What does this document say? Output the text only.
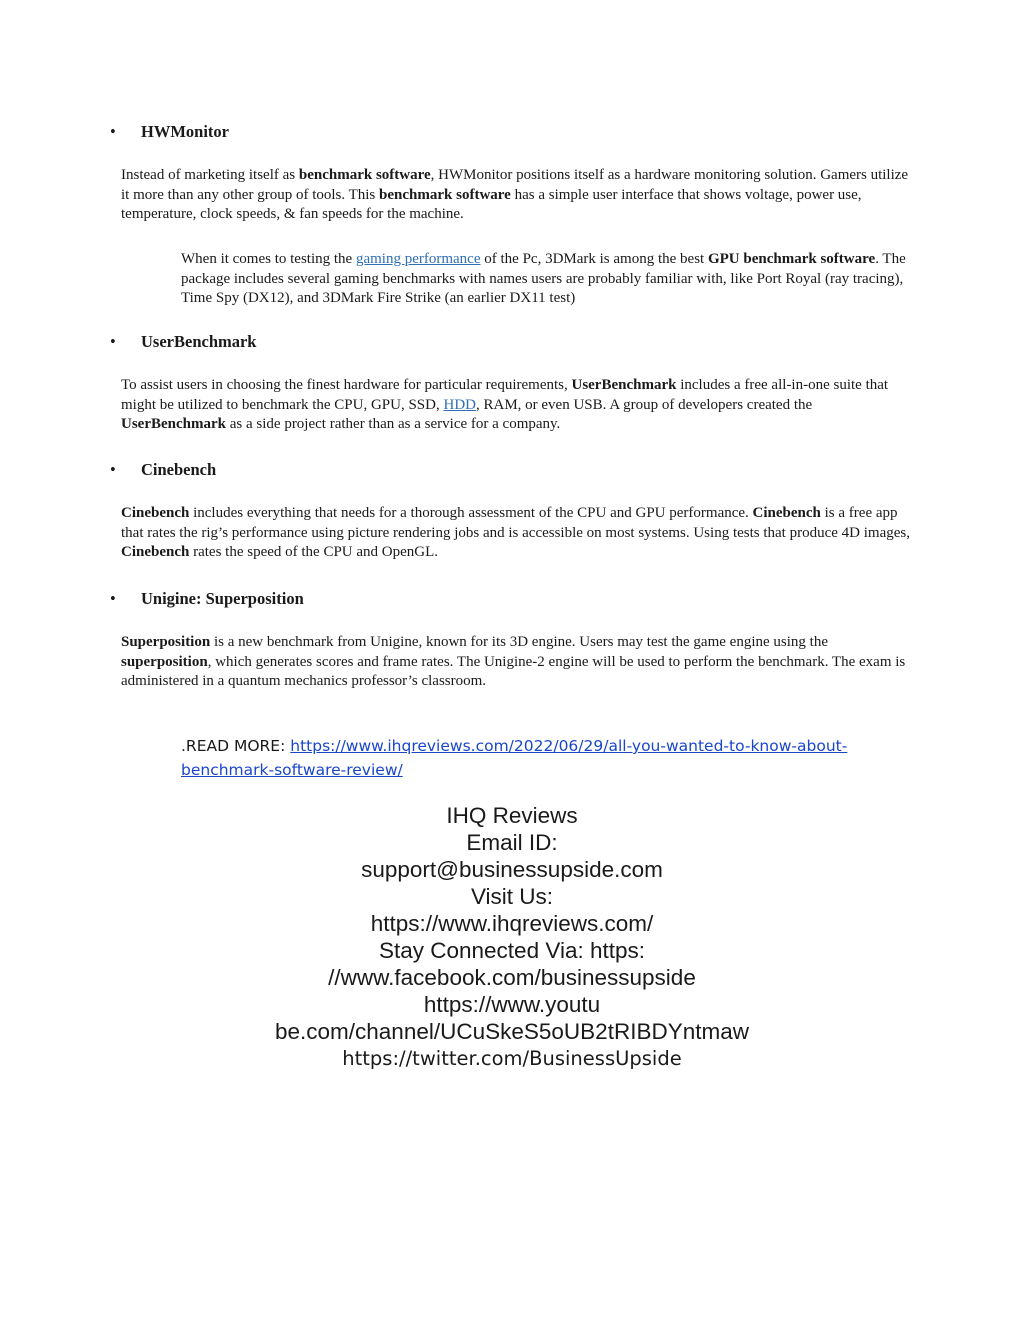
• HWMonitor
Instead of marketing itself as benchmark software, HWMonitor positions itself as a hardware monitoring solution. Gamers utilize it more than any other group of tools. This benchmark software has a simple user interface that shows voltage, power use, temperature, clock speeds, & fan speeds for the machine.
When it comes to testing the gaming performance of the Pc, 3DMark is among the best GPU benchmark software. The package includes several gaming benchmarks with names users are probably familiar with, like Port Royal (ray tracing), Time Spy (DX12), and 3DMark Fire Strike (an earlier DX11 test)
• UserBenchmark
To assist users in choosing the finest hardware for particular requirements, UserBenchmark includes a free all-in-one suite that might be utilized to benchmark the CPU, GPU, SSD, HDD, RAM, or even USB. A group of developers created the UserBenchmark as a side project rather than as a service for a company.
• Cinebench
Cinebench includes everything that needs for a thorough assessment of the CPU and GPU performance. Cinebench is a free app that rates the rig’s performance using picture rendering jobs and is accessible on most systems. Using tests that produce 4D images, Cinebench rates the speed of the CPU and OpenGL.
• Unigine: Superposition
Superposition is a new benchmark from Unigine, known for its 3D engine. Users may test the game engine using the superposition, which generates scores and frame rates. The Unigine-2 engine will be used to perform the benchmark. The exam is administered in a quantum mechanics professor’s classroom.
.READ MORE: https://www.ihqreviews.com/2022/06/29/all-you-wanted-to-know-about-
benchmark-software-review/
IHQ Reviews
Email ID:
support@businessupside.com
Visit Us:
https://www.ihqreviews.com/
Stay Connected Via: https:
//www.facebook.com/businessupside
https://www.youtu
be.com/channel/UCuSkeS5oUB2tRIBDYntmaw
https://twitter.com/BusinessUpside
